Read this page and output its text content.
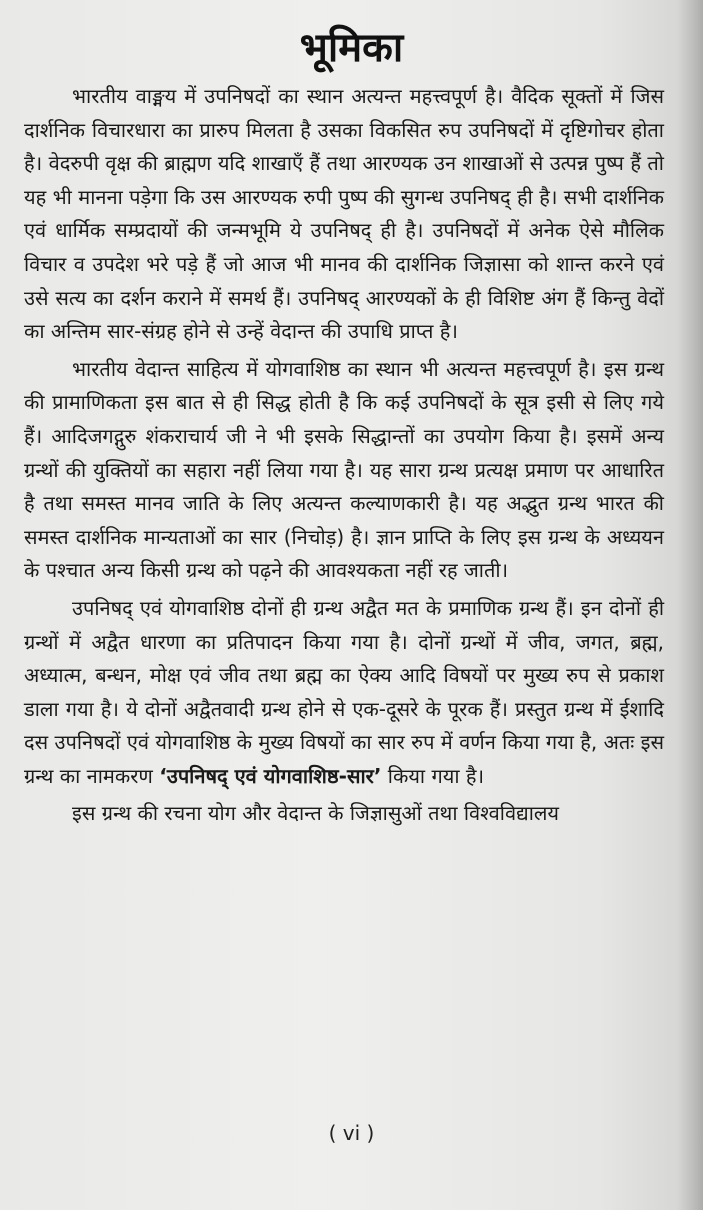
भूमिका

भारतीय वाङ्मय में उपनिषदों का स्थान अत्यन्त महत्त्वपूर्ण है। वैदिक सूक्तों में जिस दार्शनिक विचारधारा का प्रारुप मिलता है उसका विकसित रुप उपनिषदों में दृष्टिगोचर होता है। वेदरुपी वृक्ष की ब्राह्मण यदि शाखाएँ हैं तथा आरण्यक उन शाखाओं से उत्पन्न पुष्प हैं तो यह भी मानना पड़ेगा कि उस आरण्यक रुपी पुष्प की सुगन्ध उपनिषद् ही है। सभी दार्शनिक एवं धार्मिक सम्प्रदायों की जन्मभूमि ये उपनिषद् ही है। उपनिषदों में अनेक ऐसे मौलिक विचार व उपदेश भरे पड़े हैं जो आज भी मानव की दार्शनिक जिज्ञासा को शान्त करने एवं उसे सत्य का दर्शन कराने में समर्थ हैं। उपनिषद् आरण्यकों के ही विशिष्ट अंग हैं किन्तु वेदों का अन्तिम सार-संग्रह होने से उन्हें वेदान्त की उपाधि प्राप्त है।

भारतीय वेदान्त साहित्य में योगवाशिष्ठ का स्थान भी अत्यन्त महत्त्वपूर्ण है। इस ग्रन्थ की प्रामाणिकता इस बात से ही सिद्ध होती है कि कई उपनिषदों के सूत्र इसी से लिए गये हैं। आदिजगद्गुरु शंकराचार्य जी ने भी इसके सिद्धान्तों का उपयोग किया है। इसमें अन्य ग्रन्थों की युक्तियों का सहारा नहीं लिया गया है। यह सारा ग्रन्थ प्रत्यक्ष प्रमाण पर आधारित है तथा समस्त मानव जाति के लिए अत्यन्त कल्याणकारी है। यह अद्भुत ग्रन्थ भारत की समस्त दार्शनिक मान्यताओं का सार (निचोड़) है। ज्ञान प्राप्ति के लिए इस ग्रन्थ के अध्ययन के पश्चात अन्य किसी ग्रन्थ को पढ़ने की आवश्यकता नहीं रह जाती।

उपनिषद् एवं योगवाशिष्ठ दोनों ही ग्रन्थ अद्वैत मत के प्रमाणिक ग्रन्थ हैं। इन दोनों ही ग्रन्थों में अद्वैत धारणा का प्रतिपादन किया गया है। दोनों ग्रन्थों में जीव, जगत, ब्रह्म, अध्यात्म, बन्धन, मोक्ष एवं जीव तथा ब्रह्म का ऐक्य आदि विषयों पर मुख्य रुप से प्रकाश डाला गया है। ये दोनों अद्वैतवादी ग्रन्थ होने से एक-दूसरे के पूरक हैं। प्रस्तुत ग्रन्थ में ईशादि दस उपनिषदों एवं योगवाशिष्ठ के मुख्य विषयों का सार रुप में वर्णन किया गया है, अतः इस ग्रन्थ का नामकरण ‘उपनिषद् एवं योगवाशिष्ठ-सार’ किया गया है।

इस ग्रन्थ की रचना योग और वेदान्त के जिज्ञासुओं तथा विश्वविद्यालय

( vi )
